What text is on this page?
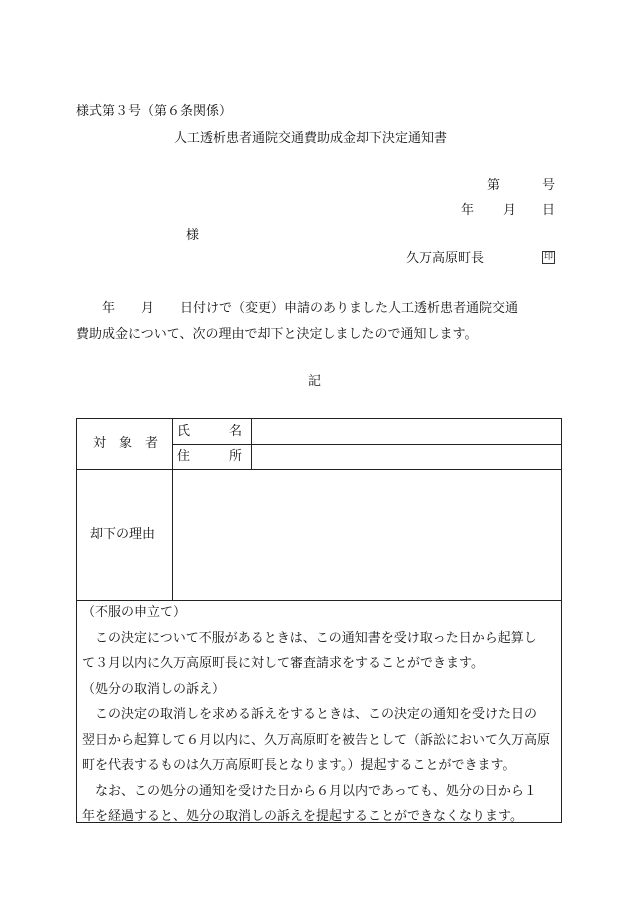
様式第３号（第６条関係）
人工透析患者通院交通費助成金却下決定通知書
第	号
年 月 日
様
久万高原町長	印

　　年　　月　　日付けで（変更）申請のありました人工透析患者通院交通

費助成金について、次の理由で却下と決定しましたので通知します。

記
対　象　者
氏　　　名
住　　　所
却下の理由

（不服の申立て）

　この決定について不服があるときは、この通知書を受け取った日から起算し

て３月以内に久万高原町長に対して審査請求をすることができます。

（処分の取消しの訴え）

　この決定の取消しを求める訴えをするときは、この決定の通知を受けた日の

翌日から起算して６月以内に、久万高原町を被告として（訴訟において久万高原

町を代表するものは久万高原町長となります。）提起することができます。

　なお、この処分の通知を受けた日から６月以内であっても、処分の日から１

年を経過すると、処分の取消しの訴えを提起することができなくなります。
